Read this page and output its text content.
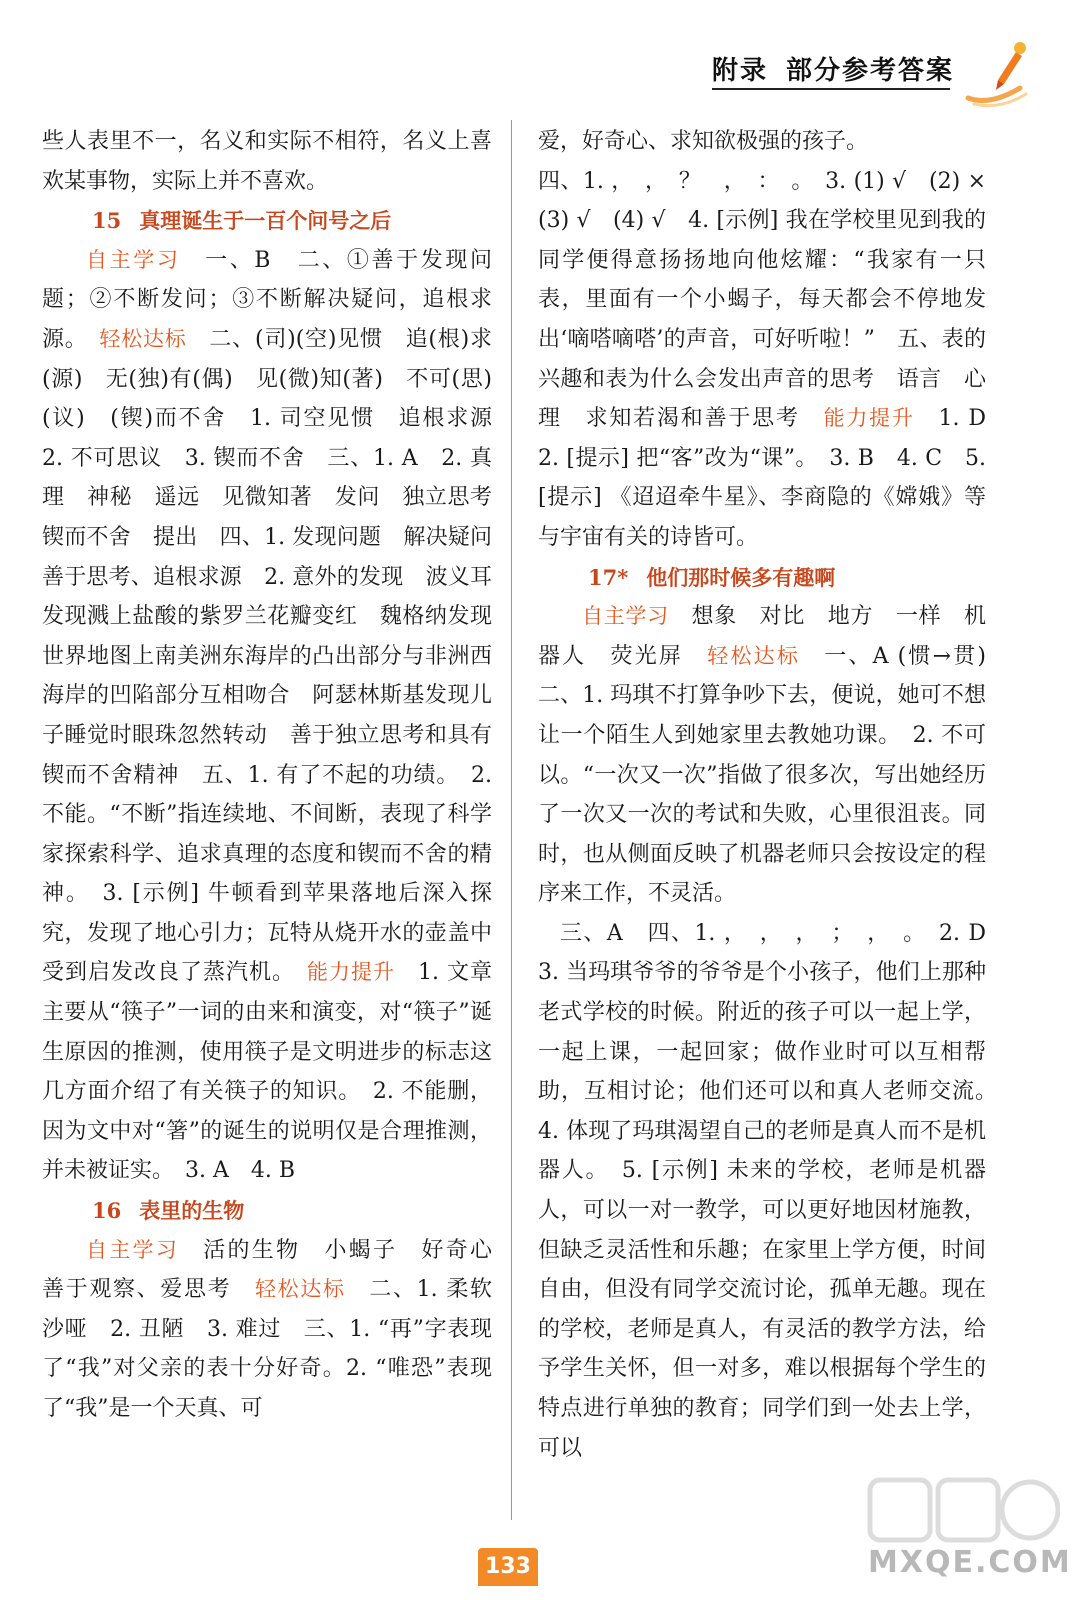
附录 部分参考答案

些人表里不一，名义和实际不相符，名义上喜欢某事物，实际上并不喜欢。

15 真理诞生于一百个问号之后

自主学习　 一、B　二、①善于发现问题；②不断发问；③不断解决疑问，追根求源。　 轻松达标　 二、(司)(空)见惯　追(根)求(源)　无(独)有(偶)　见(微)知(著)　不可(思)(议)　(锲)而不舍　1. 司空见惯　追根求源　2. 不可思议　3. 锲而不舍　三、1. A　2. 真理　神秘　遥远　见微知著　发问　独立思考　锲而不舍　提出　四、1. 发现问题　解决疑问　善于思考、追根求源　2. 意外的发现　波义耳发现溅上盐酸的紫罗兰花瓣变红　魏格纳发现世界地图上南美洲东海岸的凸出部分与非洲西海岸的凹陷部分互相吻合　阿瑟林斯基发现儿子睡觉时眼珠忽然转动　善于独立思考和具有锲而不舍精神　五、1. 有了不起的功绩。　2. 不能。“不断”指连续地、不间断，表现了科学家探索科学、追求真理的态度和锲而不舍的精神。　3. [示例] 牛顿看到苹果落地后深入探究，发现了地心引力；瓦特从烧开水的壶盖中受到启发改良了蒸汽机。　 能力提升　 1. 文章主要从“筷子”一词的由来和演变，对“筷子”诞生原因的推测，使用筷子是文明进步的标志这几方面介绍了有关筷子的知识。　2. 不能删，因为文中对“箸”的诞生的说明仅是合理推测，并未被证实。　3. A　4. B

16 表里的生物

自主学习　 活的生物　小蝎子　好奇心　善于观察、爱思考　 轻松达标　 二、1. 柔软　沙哑　2. 丑陋　3. 难过　三、1. “再”字表现了“我”对父亲的表十分好奇。2. “唯恐”表现了“我”是一个天真、可

爱，好奇心、求知欲极强的孩子。

四、1. ，　，　？　，　：　。　3. (1) √　(2) ×　(3) √　(4) √　4. [示例] 我在学校里见到我的同学便得意扬扬地向他炫耀：“我家有一只表，里面有一个小蝎子，每天都会不停地发出‘嘀嗒嘀嗒’的声音，可好听啦！”　五、表的兴趣和表为什么会发出声音的思考　语言　心理　求知若渴和善于思考　 能力提升　 1. D　2. [提示] 把“客”改为“课”。　3. B　4. C　5. [提示] 《迢迢牵牛星》、李商隐的《嫦娥》等与宇宙有关的诗皆可。

17* 他们那时候多有趣啊

自主学习　 想象　对比　地方　一样　机器人　荧光屏　 轻松达标　 一、A (惯→贯)　二、1. 玛琪不打算争吵下去，便说，她可不想让一个陌生人到她家里去教她功课。　2. 不可以。“一次又一次”指做了很多次，写出她经历了一次又一次的考试和失败，心里很沮丧。同时，也从侧面反映了机器老师只会按设定的程序来工作，不灵活。

三、A　四、1. ，　，　，　；　，　。　2. D　3. 当玛琪爷爷的爷爷是个小孩子，他们上那种老式学校的时候。附近的孩子可以一起上学，一起上课，一起回家；做作业时可以互相帮助，互相讨论；他们还可以和真人老师交流。　4. 体现了玛琪渴望自己的老师是真人而不是机器人。　5. [示例] 未来的学校，老师是机器人，可以一对一教学，可以更好地因材施教，但缺乏灵活性和乐趣；在家里上学方便，时间自由，但没有同学交流讨论，孤单无趣。现在的学校，老师是真人，有灵活的教学方法，给予学生关怀，但一对多，难以根据每个学生的特点进行单独的教育；同学们到一处去上学，可以

133	MXQE.COM
